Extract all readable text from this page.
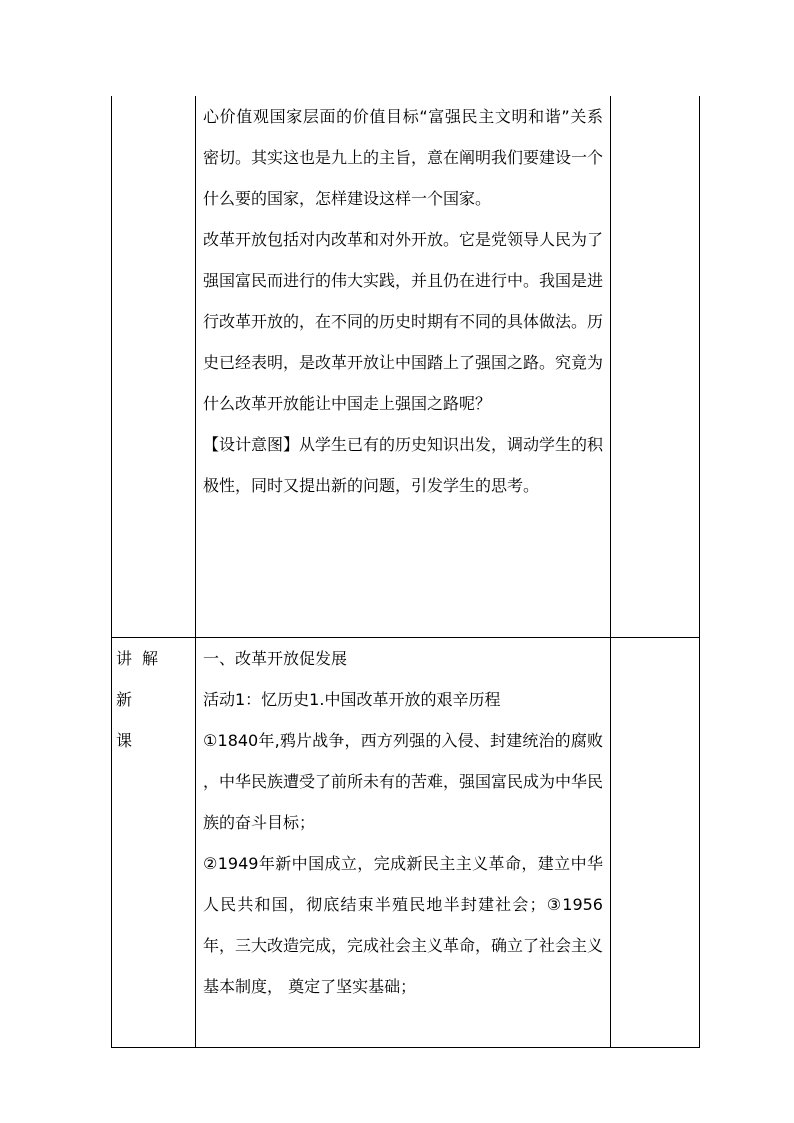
心价值观国家层面的价值目标“富强民主文明和谐”关系密切。其实这也是九上的主旨，意在阐明我们要建设一个什么要的国家，怎样建设这样一个国家。

改革开放包括对内改革和对外开放。它是党领导人民为了强国富民而进行的伟大实践，并且仍在进行中。我国是进行改革开放的，在不同的历史时期有不同的具体做法。历史已经表明，是改革开放让中国踏上了强国之路。究竟为什么改革开放能让中国走上强国之路呢？

【设计意图】从学生已有的历史知识出发，调动学生的积极性，同时又提出新的问题，引发学生的思考。

讲解新
课

一、改革开放促发展

活动1：忆历史1.中国改革开放的艰辛历程

①1840年,鸦片战争，西方列强的入侵、封建统治的腐败 ，中华民族遭受了前所未有的苦难，强国富民成为中华民族的奋斗目标；

②1949年新中国成立，完成新民主主义革命，建立中华人民共和国，彻底结束半殖民地半封建社会；③1956年，三大改造完成，完成社会主义革命，确立了社会主义基本制度， 奠定了坚实基础；
